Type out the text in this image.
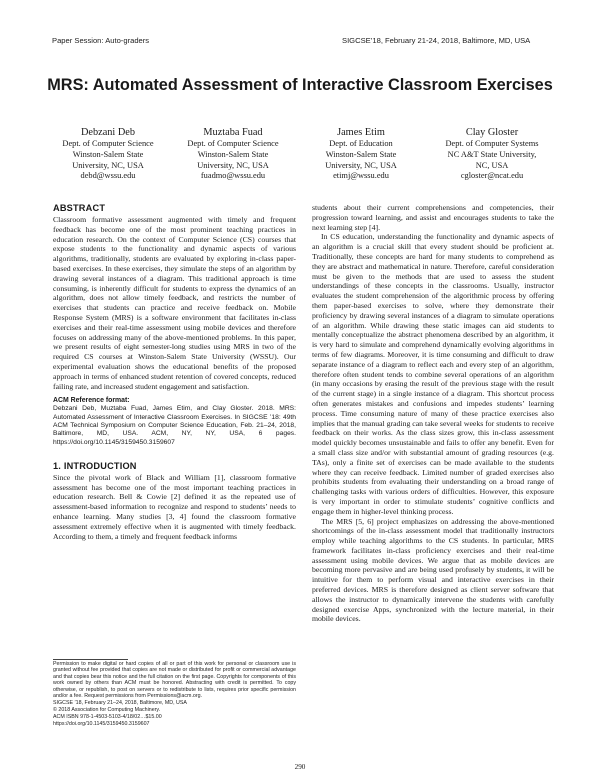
Paper Session: Auto-graders	SIGCSE’18, February 21-24, 2018, Baltimore, MD, USA
MRS: Automated Assessment of Interactive Classroom Exercises
Debzani Deb
Dept. of Computer Science
Winston-Salem State
University, NC, USA
debd@wssu.edu
Muztaba Fuad
Dept. of Computer Science
Winston-Salem State
University, NC, USA
fuadmo@wssu.edu
James Etim
Dept. of Education
Winston-Salem State
University, NC, USA
etimj@wssu.edu
Clay Gloster
Dept. of Computer Systems
NC A&T State University,
NC, USA
cgloster@ncat.edu
ABSTRACT

Classroom formative assessment augmented with timely and frequent feedback has become one of the most prominent teaching practices in education research. On the context of Computer Science (CS) courses that expose students to the functionality and dynamic aspects of various algorithms, traditionally, students are evaluated by exploring in-class paper-based exercises. In these exercises, they simulate the steps of an algorithm by drawing several instances of a diagram. This traditional approach is time consuming, is inherently difficult for students to express the dynamics of an algorithm, does not allow timely feedback, and restricts the number of exercises that students can practice and receive feedback on. Mobile Response System (MRS) is a software environment that facilitates in-class exercises and their real-time assessment using mobile devices and therefore focuses on addressing many of the above-mentioned problems. In this paper, we present results of eight semester-long studies using MRS in two of the required CS courses at Winston-Salem State University (WSSU). Our experimental evaluation shows the educational benefits of the proposed approach in terms of enhanced student retention of covered concepts, reduced failing rate, and increased student engagement and satisfaction.

ACM Reference format:

Debzani Deb, Muztaba Fuad, James Etim, and Clay Gloster. 2018. MRS: Automated Assessment of Interactive Classroom Exercises. In SIGCSE ’18: 49th ACM Technical Symposium on Computer Science Education, Feb. 21–24, 2018, Baltimore, MD, USA. ACM, NY, NY, USA, 6 pages. https://doi.org/10.1145/3159450.3159607

1. INTRODUCTION

Since the pivotal work of Black and William [1], classroom formative assessment has become one of the most important teaching practices in education research. Bell & Cowie [2] defined it as the repeated use of assessment-based information to recognize and respond to students’ needs to enhance learning. Many studies [3, 4] found the classroom formative assessment extremely effective when it is augmented with timely feedback. According to them, a timely and frequent feedback informs

Permission to make digital or hard copies of all or part of this work for personal or classroom use is granted without fee provided that copies are not made or distributed for profit or commercial advantage and that copies bear this notice and the full citation on the first page. Copyrights for components of this work owned by others than ACM must be honored. Abstracting with credit is permitted. To copy otherwise, or republish, to post on servers or to redistribute to lists, requires prior specific permission and/or a fee. Request permissions from Permissions@acm.org.

SIGCSE ’18, February 21–24, 2018, Baltimore, MD, USA

© 2018 Association for Computing Machinery.

ACM ISBN 978-1-4503-5103-4/18/02…$15.00

https://doi.org/10.1145/3159450.3159607

students about their current comprehensions and competencies, their progression toward learning, and assist and encourages students to take the next learning step [4].

In CS education, understanding the functionality and dynamic aspects of an algorithm is a crucial skill that every student should be proficient at. Traditionally, these concepts are hard for many students to comprehend as they are abstract and mathematical in nature. Therefore, careful consideration must be given to the methods that are used to assess the student understandings of these concepts in the classrooms. Usually, instructor evaluates the student comprehension of the algorithmic process by offering them paper-based exercises to solve, where they demonstrate their proficiency by drawing several instances of a diagram to simulate operations of an algorithm. While drawing these static images can aid students to mentally conceptualize the abstract phenomena described by an algorithm, it is very hard to simulate and comprehend dynamically evolving algorithms in terms of few diagrams. Moreover, it is time consuming and difficult to draw separate instance of a diagram to reflect each and every step of an algorithm, therefore often student tends to combine several operations of an algorithm (in many occasions by erasing the result of the previous stage with the result of the current stage) in a single instance of a diagram. This shortcut process often generates mistakes and confusions and impedes students’ learning process. Time consuming nature of many of these practice exercises also implies that the manual grading can take several weeks for students to receive feedback on their works. As the class sizes grow, this in-class assessment model quickly becomes unsustainable and fails to offer any benefit. Even for a small class size and/or with substantial amount of grading resources (e.g. TAs), only a finite set of exercises can be made available to the students where they can receive feedback. Limited number of graded exercises also prohibits students from evaluating their understanding on a broad range of challenging tasks with various orders of difficulties. However, this exposure is very important in order to stimulate students’ cognitive conflicts and engage them in higher-level thinking process.

The MRS [5, 6] project emphasizes on addressing the above-mentioned shortcomings of the in-class assessment model that traditionally instructors employ while teaching algorithms to the CS students. In particular, MRS framework facilitates in-class proficiency exercises and their real-time assessment using mobile devices. We argue that as mobile devices are becoming more pervasive and are being used profusely by students, it will be intuitive for them to perform visual and interactive exercises in their preferred devices. MRS is therefore designed as client server software that allows the instructor to dynamically intervene the students with carefully designed exercise Apps, synchronized with the lecture material, in their mobile devices.

290
